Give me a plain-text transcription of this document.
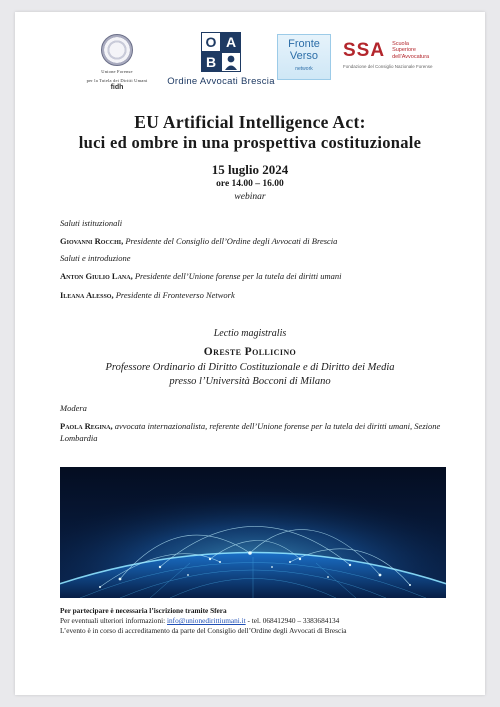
Unione Forense
per la Tutela dei Diritti Umani
fidh
O A
B
Ordine Avvocati Brescia
Fronte
Verso
network
SSA Scuola
Superiore
dell'Avvocatura
Fondazione del Consiglio Nazionale Forense
EU Artificial Intelligence Act:
luci ed ombre in una prospettiva costituzionale
15 luglio 2024
ore 14.00 – 16.00
webinar
Saluti istituzionali
Giovanni Rocchi, Presidente del Consiglio dell’Ordine degli Avvocati di Brescia
Saluti e introduzione
Anton Giulio Lana, Presidente dell’Unione forense per la tutela dei diritti umani
Ileana Alesso, Presidente di Fronteverso Network
Lectio magistralis
Oreste Pollicino
Professore Ordinario di Diritto Costituzionale e di Diritto dei Media
presso l’Università Bocconi di Milano
Modera
Paola Regina, avvocata internazionalista, referente dell’Unione forense per la tutela dei diritti umani, Sezione Lombardia
Per partecipare è necessaria l’iscrizione tramite Sfera
Per eventuali ulteriori informazioni: info@unionedirittiumani.it - tel. 068412940 – 3383684134
L’evento è in corso di accreditamento da parte del Consiglio dell’Ordine degli Avvocati di Brescia
